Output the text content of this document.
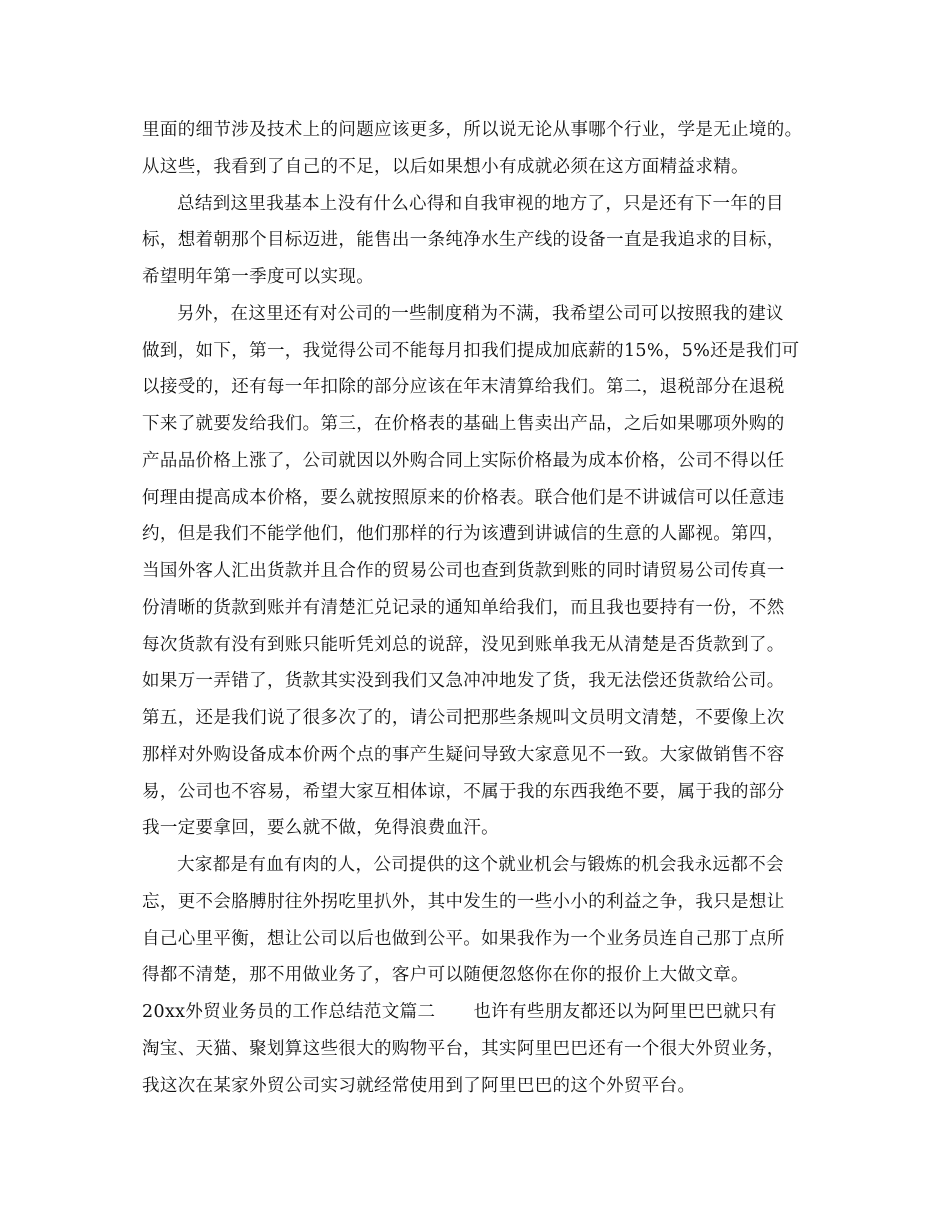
里面的细节涉及技术上的问题应该更多，所以说无论从事哪个行业，学是无止境的。
从这些，我看到了自己的不足，以后如果想小有成就必须在这方面精益求精。
总结到这里我基本上没有什么心得和自我审视的地方了，只是还有下一年的目
标，想着朝那个目标迈进，能售出一条纯净水生产线的设备一直是我追求的目标，
希望明年第一季度可以实现。
另外，在这里还有对公司的一些制度稍为不满，我希望公司可以按照我的建议
做到，如下，第一，我觉得公司不能每月扣我们提成加底薪的15%，5%还是我们可
以接受的，还有每一年扣除的部分应该在年末清算给我们。第二，退税部分在退税
下来了就要发给我们。第三，在价格表的基础上售卖出产品，之后如果哪项外购的
产品品价格上涨了，公司就因以外购合同上实际价格最为成本价格，公司不得以任
何理由提高成本价格，要么就按照原来的价格表。联合他们是不讲诚信可以任意违
约，但是我们不能学他们，他们那样的行为该遭到讲诚信的生意的人鄙视。第四，
当国外客人汇出货款并且合作的贸易公司也查到货款到账的同时请贸易公司传真一
份清晰的货款到账并有清楚汇兑记录的通知单给我们，而且我也要持有一份，不然
每次货款有没有到账只能听凭刘总的说辞，没见到账单我无从清楚是否货款到了。
如果万一弄错了，货款其实没到我们又急冲冲地发了货，我无法偿还货款给公司。
第五，还是我们说了很多次了的，请公司把那些条规叫文员明文清楚，不要像上次
那样对外购设备成本价两个点的事产生疑问导致大家意见不一致。大家做销售不容
易，公司也不容易，希望大家互相体谅，不属于我的东西我绝不要，属于我的部分
我一定要拿回，要么就不做，免得浪费血汗。
大家都是有血有肉的人，公司提供的这个就业机会与锻炼的机会我永远都不会
忘，更不会胳膊肘往外拐吃里扒外，其中发生的一些小小的利益之争，我只是想让
自己心里平衡，想让公司以后也做到公平。如果我作为一个业务员连自己那丁点所
得都不清楚，那不用做业务了，客户可以随便忽悠你在你的报价上大做文章。
20xx外贸业务员的工作总结范文篇二 也许有些朋友都还以为阿里巴巴就只有
淘宝、天猫、聚划算这些很大的购物平台，其实阿里巴巴还有一个很大外贸业务，
我这次在某家外贸公司实习就经常使用到了阿里巴巴的这个外贸平台。
